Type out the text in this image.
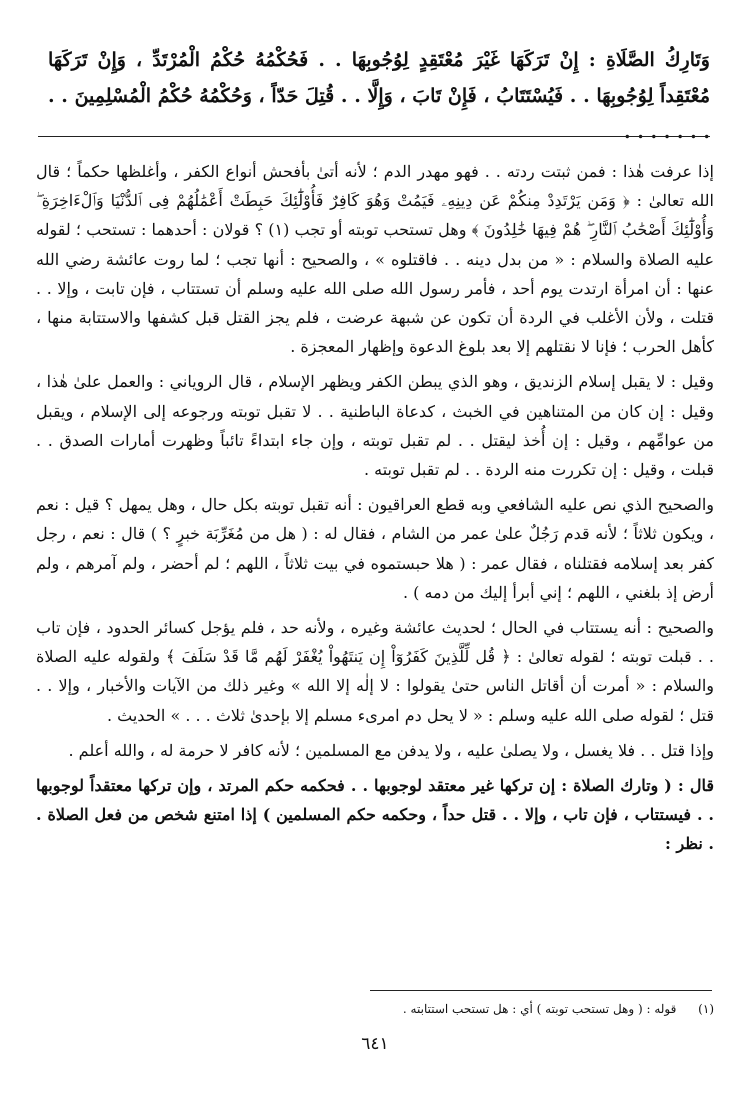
وَتَارِكُ الصَّلَاةِ : إِنْ تَرَكَهَا غَيْرَ مُعْتَقِدٍ لِوُجُوبِهَا . . فَحُكْمُهُ حُكْمُ الْمُرْتَدِّ ، وَإِنْ تَرَكَهَا مُعْتَقِداً لِوُجُوبِهَا . . فَيُسْتَتَابُ ، فَإِنْ تَابَ ، وَإِلَّا . . قُتِلَ حَدّاً ، وَحُكْمُهُ حُكْمُ الْمُسْلِمِينَ . . . . . . . . .

إذا عرفت هٰذا : فمن ثبتت ردته . . فهو مهدر الدم ؛ لأنه أتىٰ بأفحش أنواع الكفر ، وأغلظها حكماً ؛ قال الله تعالىٰ : ﴿ وَمَن يَرْتَدِدْ مِنكُمْ عَن دِينِهِۦ فَيَمُتْ وَهُوَ كَافِرٌ فَأُوْلَٰٓئِكَ حَبِطَتْ أَعْمَٰلُهُمْ فِى ٱلدُّنْيَا وَٱلْءَاخِرَةِ ۖ وَأُوْلَٰٓئِكَ أَصْحَٰبُ ٱلنَّارِ ۖ هُمْ فِيهَا خَٰلِدُونَ ﴾ وهل تستحب توبته أو تجب (١) ؟ قولان : أحدهما : تستحب ؛ لقوله عليه الصلاة والسلام : « من بدل دينه . . فاقتلوه » ، والصحيح : أنها تجب ؛ لما روت عائشة رضي الله عنها : أن امرأة ارتدت يوم أحد ، فأمر رسول الله صلى الله عليه وسلم أن تستتاب ، فإن تابت ، وإلا . . قتلت ، ولأن الأغلب في الردة أن تكون عن شبهة عرضت ، فلم يجز القتل قبل كشفها والاستتابة منها ، كأهل الحرب ؛ فإنا لا نقتلهم إلا بعد بلوغ الدعوة وإظهار المعجزة .

وقيل : لا يقبل إسلام الزنديق ، وهو الذي يبطن الكفر ويظهر الإسلام ، قال الروياني : والعمل علىٰ هٰذا ، وقيل : إن كان من المتناهين في الخبث ، كدعاة الباطنية . . لا تقبل توبته ورجوعه إلى الإسلام ، ويقبل من عوامِّهم ، وقيل : إن أُخذ ليقتل . . لم تقبل توبته ، وإن جاء ابتداءً تائباً وظهرت أمارات الصدق . . قبلت ، وقيل : إن تكررت منه الردة . . لم تقبل توبته .

والصحيح الذي نص عليه الشافعي وبه قطع العراقيون : أنه تقبل توبته بكل حال ، وهل يمهل ؟ قيل : نعم ، ويكون ثلاثاً ؛ لأنه قدم رَجُلٌ علىٰ عمر من الشام ، فقال له : ( هل من مُغَرِّبَة خبرٍ ؟ ) قال : نعم ، رجل كفر بعد إسلامه فقتلناه ، فقال عمر : ( هلا حبستموه في بيت ثلاثاً ، اللهم ؛ لم أحضر ، ولم آمرهم ، ولم أرض إذ بلغني ، اللهم ؛ إني أبرأ إليك من دمه ) .

والصحيح : أنه يستتاب في الحال ؛ لحديث عائشة وغيره ، ولأنه حد ، فلم يؤجل كسائر الحدود ، فإن تاب . . قبلت توبته ؛ لقوله تعالىٰ : ﴿ قُل لِّلَّذِينَ كَفَرُوٓاْ إِن يَنتَهُواْ يُغْفَرْ لَهُم مَّا قَدْ سَلَفَ ﴾ ولقوله عليه الصلاة والسلام : « أمرت أن أقاتل الناس حتىٰ يقولوا : لا إلٰه إلا الله » وغير ذلك من الآيات والأخبار ، وإلا . . قتل ؛ لقوله صلى الله عليه وسلم : « لا يحل دم امرىء مسلم إلا بإحدىٰ ثلاث . . . » الحديث .

وإذا قتل . . فلا يغسل ، ولا يصلىٰ عليه ، ولا يدفن مع المسلمين ؛ لأنه كافر لا حرمة له ، والله أعلم .

قال : ( وتارك الصلاة : إن تركها غير معتقد لوجوبها . . فحكمه حكم المرتد ، وإن تركها معتقداً لوجوبها . . فيستتاب ، فإن تاب ، وإلا . . قتل حداً ، وحكمه حكم المسلمين ) إذا امتنع شخص من فعل الصلاة . . نظر :

(١) قوله : ( وهل تستحب توبته ) أي : هل تستحب استتابته .
٦٤١
